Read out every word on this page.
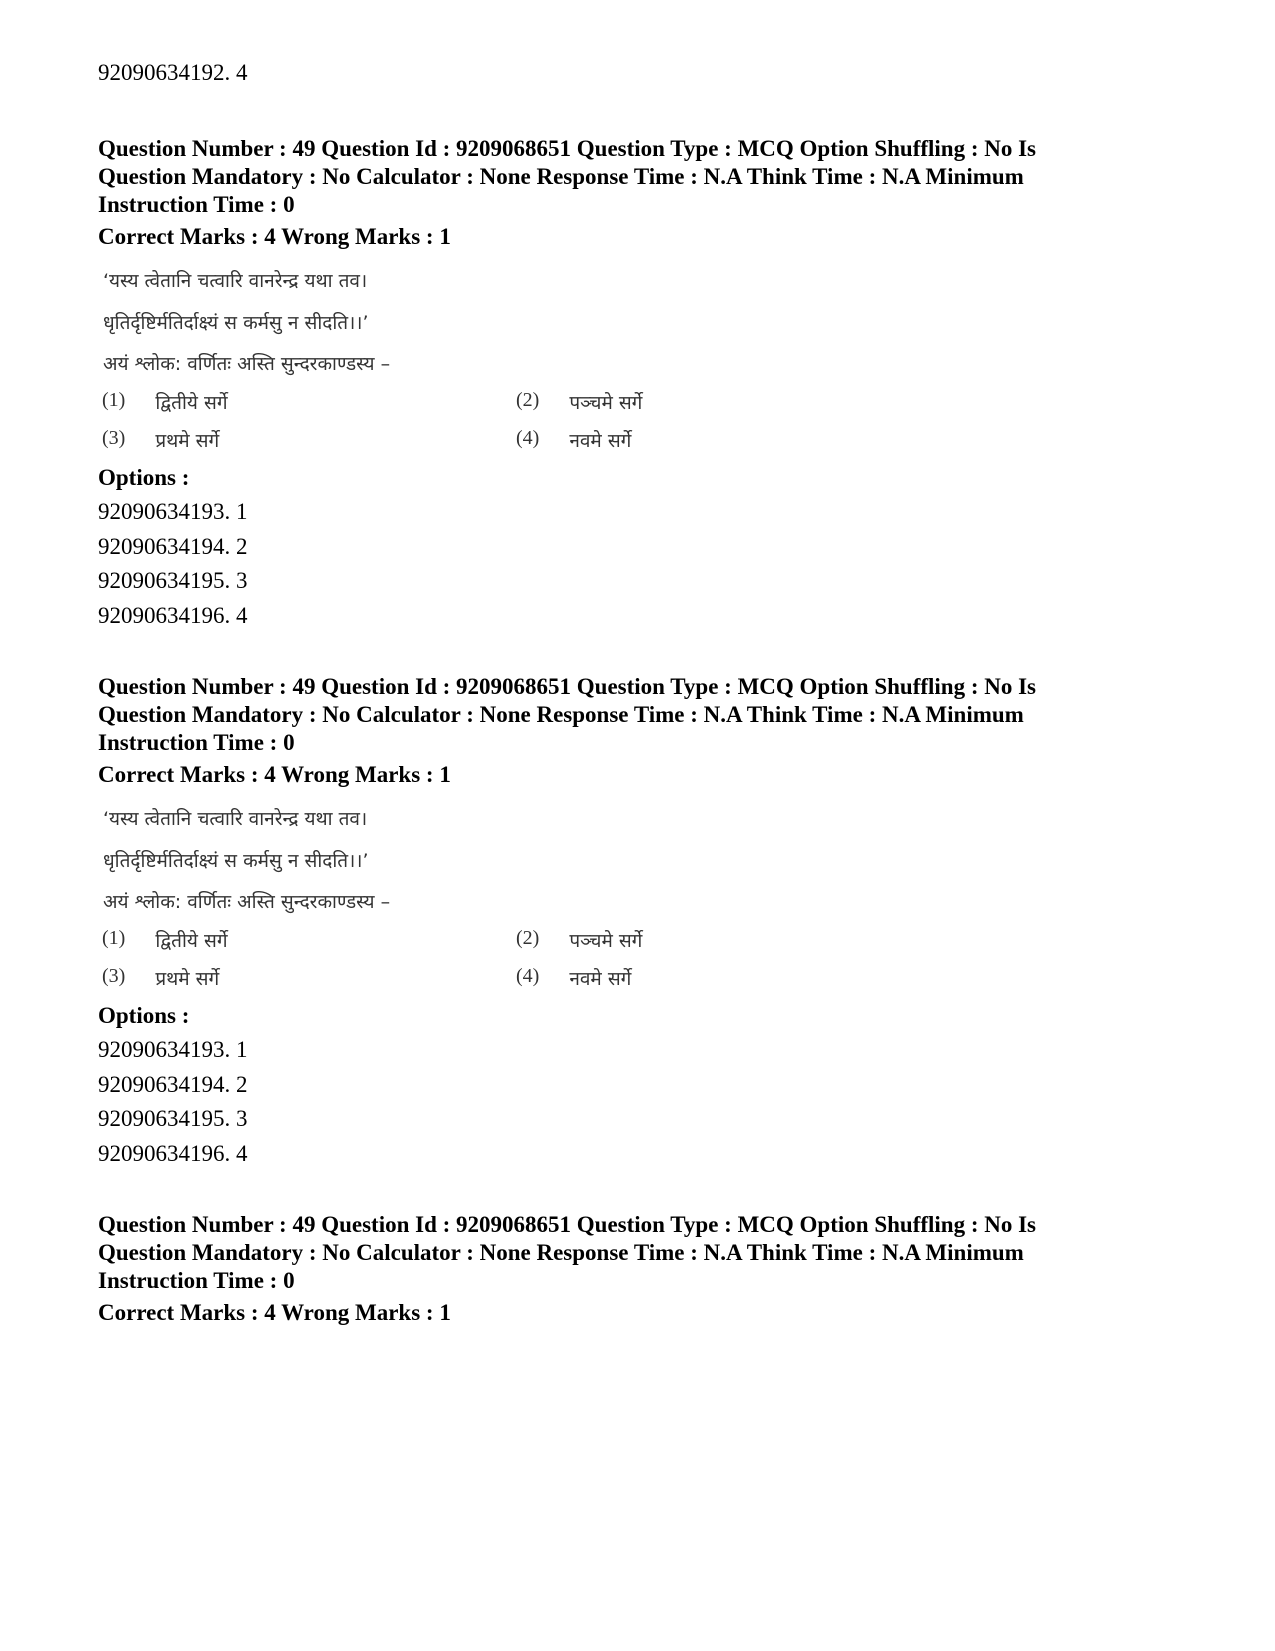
92090634192. 4
Question Number : 49 Question Id : 9209068651 Question Type : MCQ Option Shuffling : No Is
Question Mandatory : No Calculator : None Response Time : N.A Think Time : N.A Minimum
Instruction Time : 0
Correct Marks : 4 Wrong Marks : 1
‘यस्य त्वेतानि चत्वारि वानरेन्द्र यथा तव।
धृतिर्दृष्टिर्मतिर्दाक्ष्यं स कर्मसु न सीदति।।’
अयं श्लोक: वर्णितः अस्ति सुन्दरकाण्डस्य –
(1) द्वितीये सर्गे	(2) पञ्चमे सर्गे
(3) प्रथमे सर्गे	(4) नवमे सर्गे
Options :
92090634193. 1
92090634194. 2
92090634195. 3
92090634196. 4
Question Number : 49 Question Id : 9209068651 Question Type : MCQ Option Shuffling : No Is
Question Mandatory : No Calculator : None Response Time : N.A Think Time : N.A Minimum
Instruction Time : 0
Correct Marks : 4 Wrong Marks : 1
‘यस्य त्वेतानि चत्वारि वानरेन्द्र यथा तव।
धृतिर्दृष्टिर्मतिर्दाक्ष्यं स कर्मसु न सीदति।।’
अयं श्लोक: वर्णितः अस्ति सुन्दरकाण्डस्य –
(1) द्वितीये सर्गे	(2) पञ्चमे सर्गे
(3) प्रथमे सर्गे	(4) नवमे सर्गे
Options :
92090634193. 1
92090634194. 2
92090634195. 3
92090634196. 4
Question Number : 49 Question Id : 9209068651 Question Type : MCQ Option Shuffling : No Is
Question Mandatory : No Calculator : None Response Time : N.A Think Time : N.A Minimum
Instruction Time : 0
Correct Marks : 4 Wrong Marks : 1
